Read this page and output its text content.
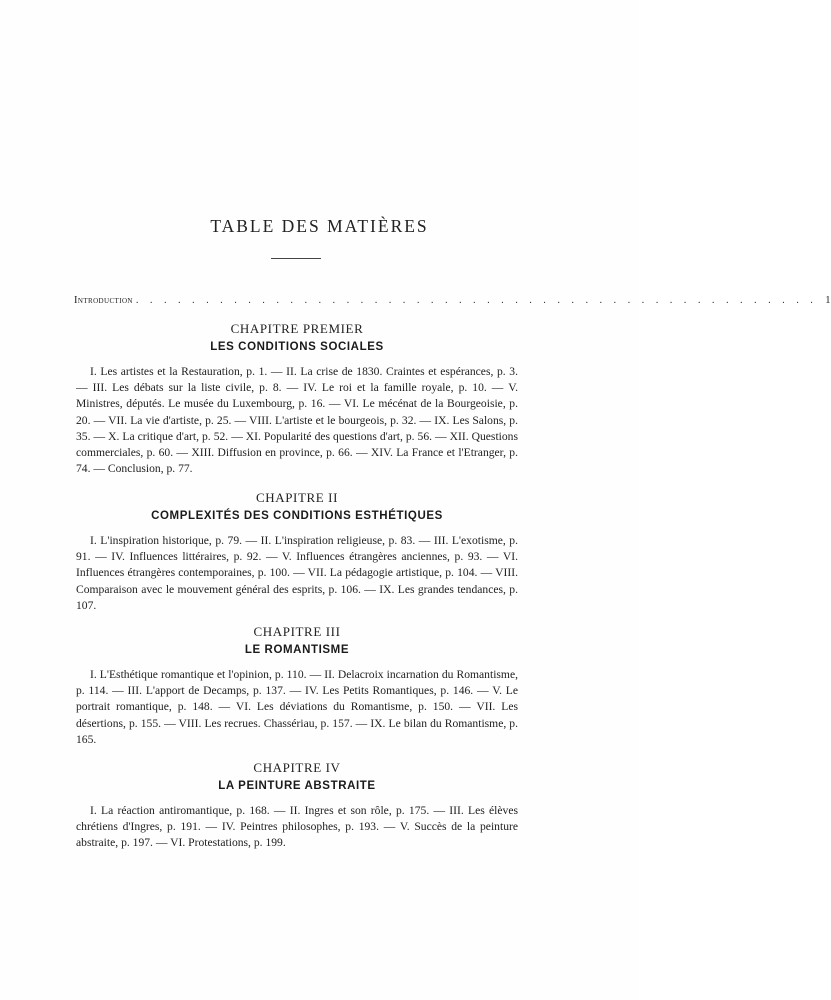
TABLE DES MATIÈRES
Introduction . . . . . . . . . . . . . . . . . . . . . . . . . . . . . . . . . . . . . . . . . . . . . . . . . 1
CHAPITRE PREMIER
LES CONDITIONS SOCIALES
I. Les artistes et la Restauration, p. 1. — II. La crise de 1830. Craintes et espérances, p. 3. — III. Les débats sur la liste civile, p. 8. — IV. Le roi et la famille royale, p. 10. — V. Ministres, députés. Le musée du Luxembourg, p. 16. — VI. Le mécénat de la Bourgeoisie, p. 20. — VII. La vie d'artiste, p. 25. — VIII. L'artiste et le bourgeois, p. 32. — IX. Les Salons, p. 35. — X. La critique d'art, p. 52. — XI. Popularité des questions d'art, p. 56. — XII. Questions commerciales, p. 60. — XIII. Diffusion en province, p. 66. — XIV. La France et l'Etranger, p. 74. — Conclusion, p. 77.
CHAPITRE II
COMPLEXITÉS DES CONDITIONS ESTHÉTIQUES
I. L'inspiration historique, p. 79. — II. L'inspiration religieuse, p. 83. — III. L'exotisme, p. 91. — IV. Influences littéraires, p. 92. — V. Influences étrangères anciennes, p. 93. — VI. Influences étrangères contemporaines, p. 100. — VII. La pédagogie artistique, p. 104. — VIII. Comparaison avec le mouvement général des esprits, p. 106. — IX. Les grandes tendances, p. 107.
CHAPITRE III
LE ROMANTISME
I. L'Esthétique romantique et l'opinion, p. 110. — II. Delacroix incarnation du Romantisme, p. 114. — III. L'apport de Decamps, p. 137. — IV. Les Petits Romantiques, p. 146. — V. Le portrait romantique, p. 148. — VI. Les déviations du Romantisme, p. 150. — VII. Les désertions, p. 155. — VIII. Les recrues. Chassériau, p. 157. — IX. Le bilan du Romantisme, p. 165.
CHAPITRE IV
LA PEINTURE ABSTRAITE
I. La réaction antiromantique, p. 168. — II. Ingres et son rôle, p. 175. — III. Les élèves chrétiens d'Ingres, p. 191. — IV. Peintres philosophes, p. 193. — V. Succès de la peinture abstraite, p. 197. — VI. Protestations, p. 199.
